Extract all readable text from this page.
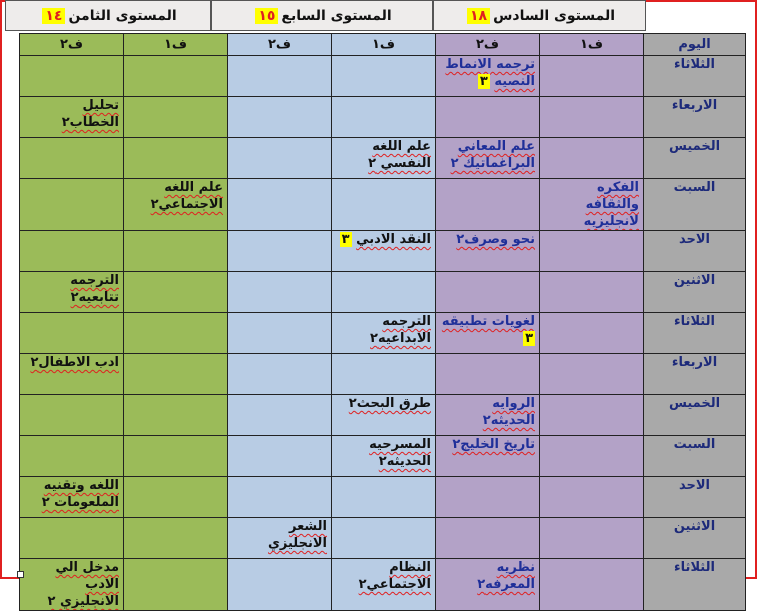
المستوى السادس
١٨
المستوى السابع
١٥
المستوى الثامن
١٤
اليوم	ف١	ف٢	ف١	ف٢	ف١	ف٢
الثلاثاء		ترجمه الانماط النصيه ٣				
الاربعاء						تحليل الخطاب٢
الخميس		علم المعاني البراغماتيك ٢	علم اللغه النفسي ٢			
السبت	الفكره والثقافه لانجليزيه				علم اللغه الاجتماعي٢	
الاحد		نحو وصرف٢	النقد الادبي ٣			
الاثنين						الترجمه تتابعيه٢
الثلاثاء		لغويات تطبيقه ٣	الترجمه الابداعيه٢			
الاربعاء						ادب الاطفال٢
الخميس		الروايه الحديثه٢	طرق البحث٢			
السبت		تاريخ الخليج٢	المسرحيه الحديثه٢			
الاحد						اللغه وتقنيه الملعومات ٢
الاثنين				الشعر الانجليزي		
الثلاثاء		نظريه المعرفه٢	النظام الاجتماعي٢			مدخل الي الادب الانجليزي ٢
